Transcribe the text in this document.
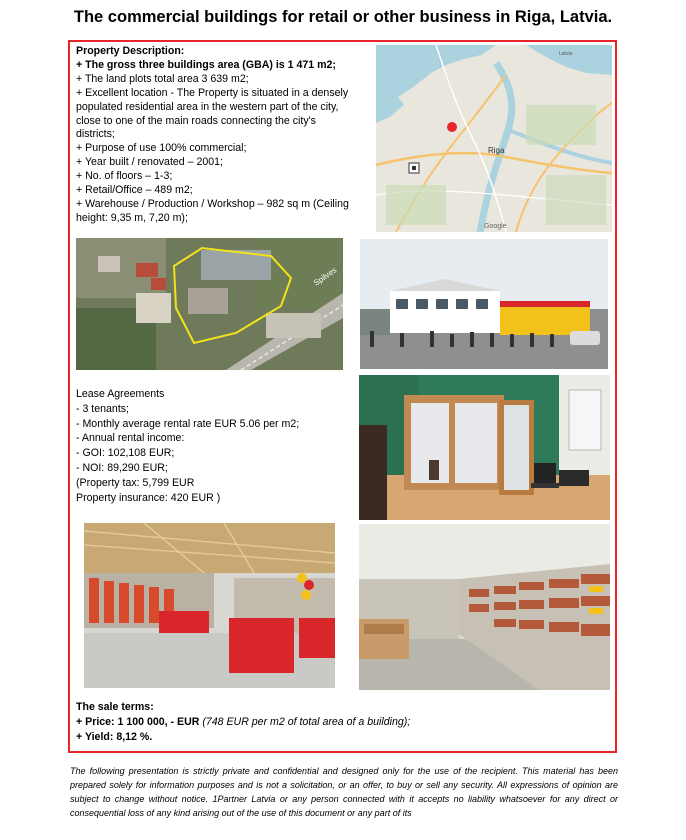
The commercial buildings for retail or other business in Riga, Latvia.
Property Description:
+ The gross three buildings area (GBA) is 1 471 m2;
+ The land plots total area 3 639 m2;
+ Excellent location - The Property is situated in a densely
populated residential area in the western part of the city,
close to one of the main roads connecting the city's
districts;
+ Purpose of use 100% commercial;
+ Year built / renovated – 2001;
+ No. of floors – 1-3;
+ Retail/Office – 489 m2;
+ Warehouse / Production / Workshop – 982 sq m (Ceiling
height: 9,35 m, 7,20 m);
Riga
Latvia
Google
Spilves
Lease Agreements
- 3 tenants;
- Monthly average rental rate EUR 5.06 per m2;
- Annual rental income:
- GOI: 102,108 EUR;
- NOI: 89,290 EUR;
(Property tax: 5,799 EUR
Property insurance: 420 EUR )
The sale terms:
+ Price: 1 100 000, - EUR (748 EUR per m2 of total area of a building);
+ Yield: 8,12 %.
The following presentation is strictly private and confidential and designed only for the use of the recipient. This material has been prepared solely for information purposes and is not a solicitation, or an offer, to buy or sell any security. All expressions of opinion are subject to change without notice. 1Partner Latvia or any person connected with it accepts no liability whatsoever for any direct or consequential loss of any kind arising out of the use of this document or any part of its
